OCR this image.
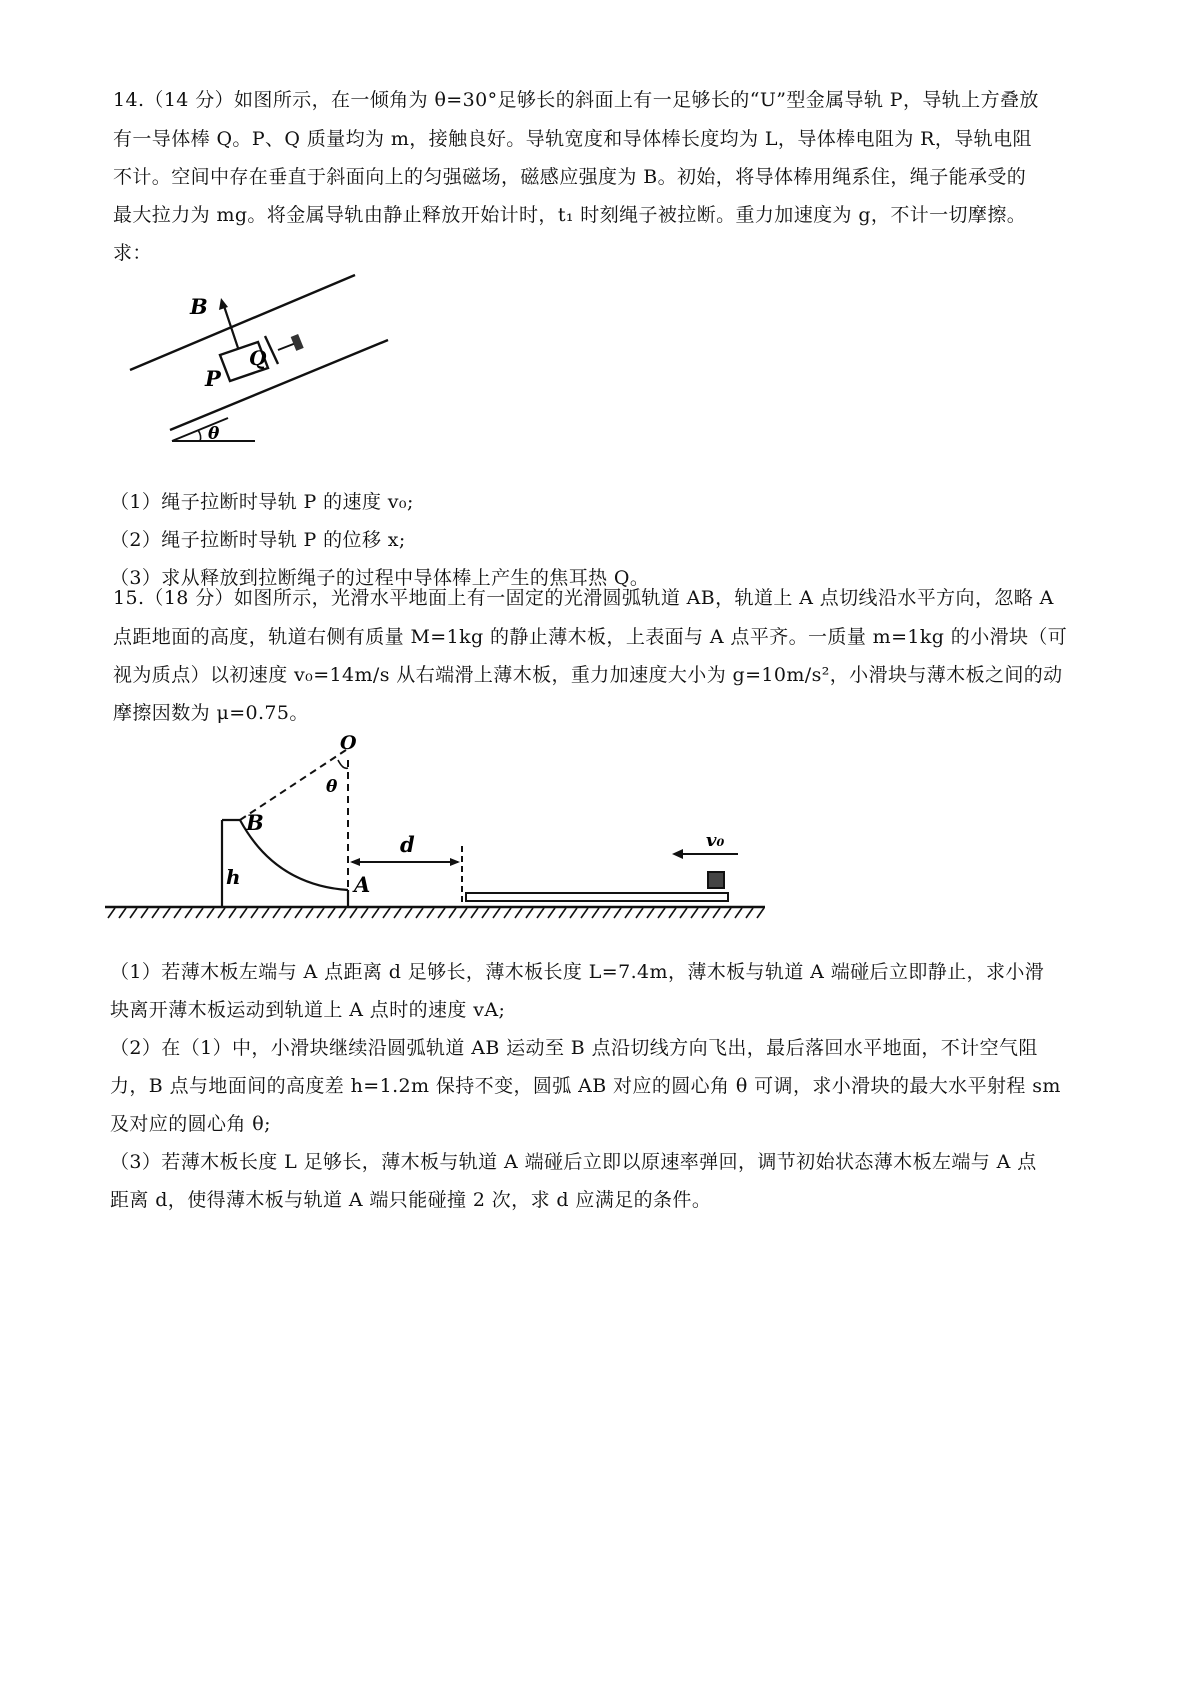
14.（14 分）如图所示，在一倾角为 θ=30°足够长的斜面上有一足够长的“U”型金属导轨 P，导轨上方叠放

有一导体棒 Q。P、Q 质量均为 m，接触良好。导轨宽度和导体棒长度均为 L，导体棒电阻为 R，导轨电阻

不计。空间中存在垂直于斜面向上的匀强磁场，磁感应强度为 B。初始，将导体棒用绳系住，绳子能承受的

最大拉力为 mg。将金属导轨由静止释放开始计时，t₁ 时刻绳子被拉断。重力加速度为 g，不计一切摩擦。

求：

B
Q
P
θ

（1）绳子拉断时导轨 P 的速度 v₀;

（2）绳子拉断时导轨 P 的位移 x;

（3）求从释放到拉断绳子的过程中导体棒上产生的焦耳热 Q。

15.（18 分）如图所示，光滑水平地面上有一固定的光滑圆弧轨道 AB，轨道上 A 点切线沿水平方向，忽略 A

点距地面的高度，轨道右侧有质量 M=1kg 的静止薄木板，上表面与 A 点平齐。一质量 m=1kg 的小滑块（可

视为质点）以初速度 v₀=14m/s 从右端滑上薄木板，重力加速度大小为 g=10m/s²，小滑块与薄木板之间的动

摩擦因数为 μ=0.75。

h
B
A
O
θ
d	v₀

（1）若薄木板左端与 A 点距离 d 足够长，薄木板长度 L=7.4m，薄木板与轨道 A 端碰后立即静止，求小滑

块离开薄木板运动到轨道上 A 点时的速度 vA;

（2）在（1）中，小滑块继续沿圆弧轨道 AB 运动至 B 点沿切线方向飞出，最后落回水平地面，不计空气阻

力，B 点与地面间的高度差 h=1.2m 保持不变，圆弧 AB 对应的圆心角 θ 可调，求小滑块的最大水平射程 sm

及对应的圆心角 θ;

（3）若薄木板长度 L 足够长，薄木板与轨道 A 端碰后立即以原速率弹回，调节初始状态薄木板左端与 A 点

距离 d，使得薄木板与轨道 A 端只能碰撞 2 次，求 d 应满足的条件。
